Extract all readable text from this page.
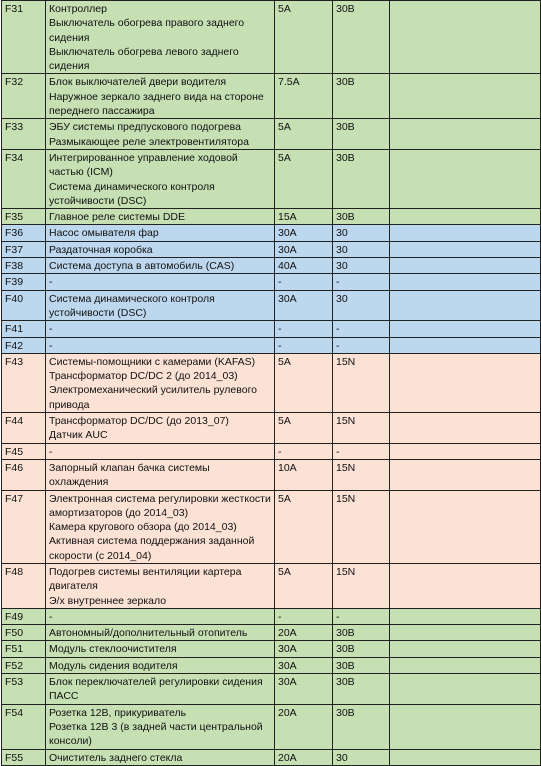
F31	Контроллер
Выключатель обогрева правого заднего сидения
Выключатель обогрева левого заднего сидения	5A	30B	
F32	Блок выключателей двери водителя
Наружное зеркало заднего вида на стороне переднего пассажира	7.5A	30B	
F33	ЭБУ системы предпускового подогрева
Размыкающее реле электровентилятора	5A	30B	
F34	Интегрированное управление ходовой частью (ICM)
Система динамического контроля устойчивости (DSC)	5A	30B	
F35	Главное реле системы DDE	15A	30B	
F36	Насос омывателя фар	30A	30	
F37	Раздаточная коробка	30A	30	
F38	Система доступа в автомобиль (CAS)	40A	30	
F39	-	-	-	
F40	Система динамического контроля устойчивости (DSC)	30A	30	
F41	-	-	-	
F42	-	-	-	
F43	Системы-помощники с камерами (KAFAS)
Трансформатор DC/DC 2 (до 2014_03)
Электромеханический усилитель рулевого привода	5A	15N	
F44	Трансформатор DC/DC (до 2013_07)
Датчик AUC	5A	15N	
F45	-	-	-	
F46	Запорный клапан бачка системы охлаждения	10A	15N	
F47	Электронная система регулировки жесткости амортизаторов (до 2014_03)
Камера кругового обзора (до 2014_03)
Активная система поддержания заданной скорости (с 2014_04)	5A	15N	
F48	Подогрев системы вентиляции картера двигателя
Э/х внутреннее зеркало	5A	15N	
F49	-	-	-	
F50	Автономный/дополнительный отопитель	20A	30B	
F51	Модуль стеклоочистителя	30A	30B	
F52	Модуль сидения водителя	30A	30B	
F53	Блок переключателей регулировки сидения ПАСС	30A	30B	
F54	Розетка 12В, прикуриватель
Розетка 12В 3 (в задней части центральной консоли)	20A	30B	
F55	Очиститель заднего стекла	20A	30	
